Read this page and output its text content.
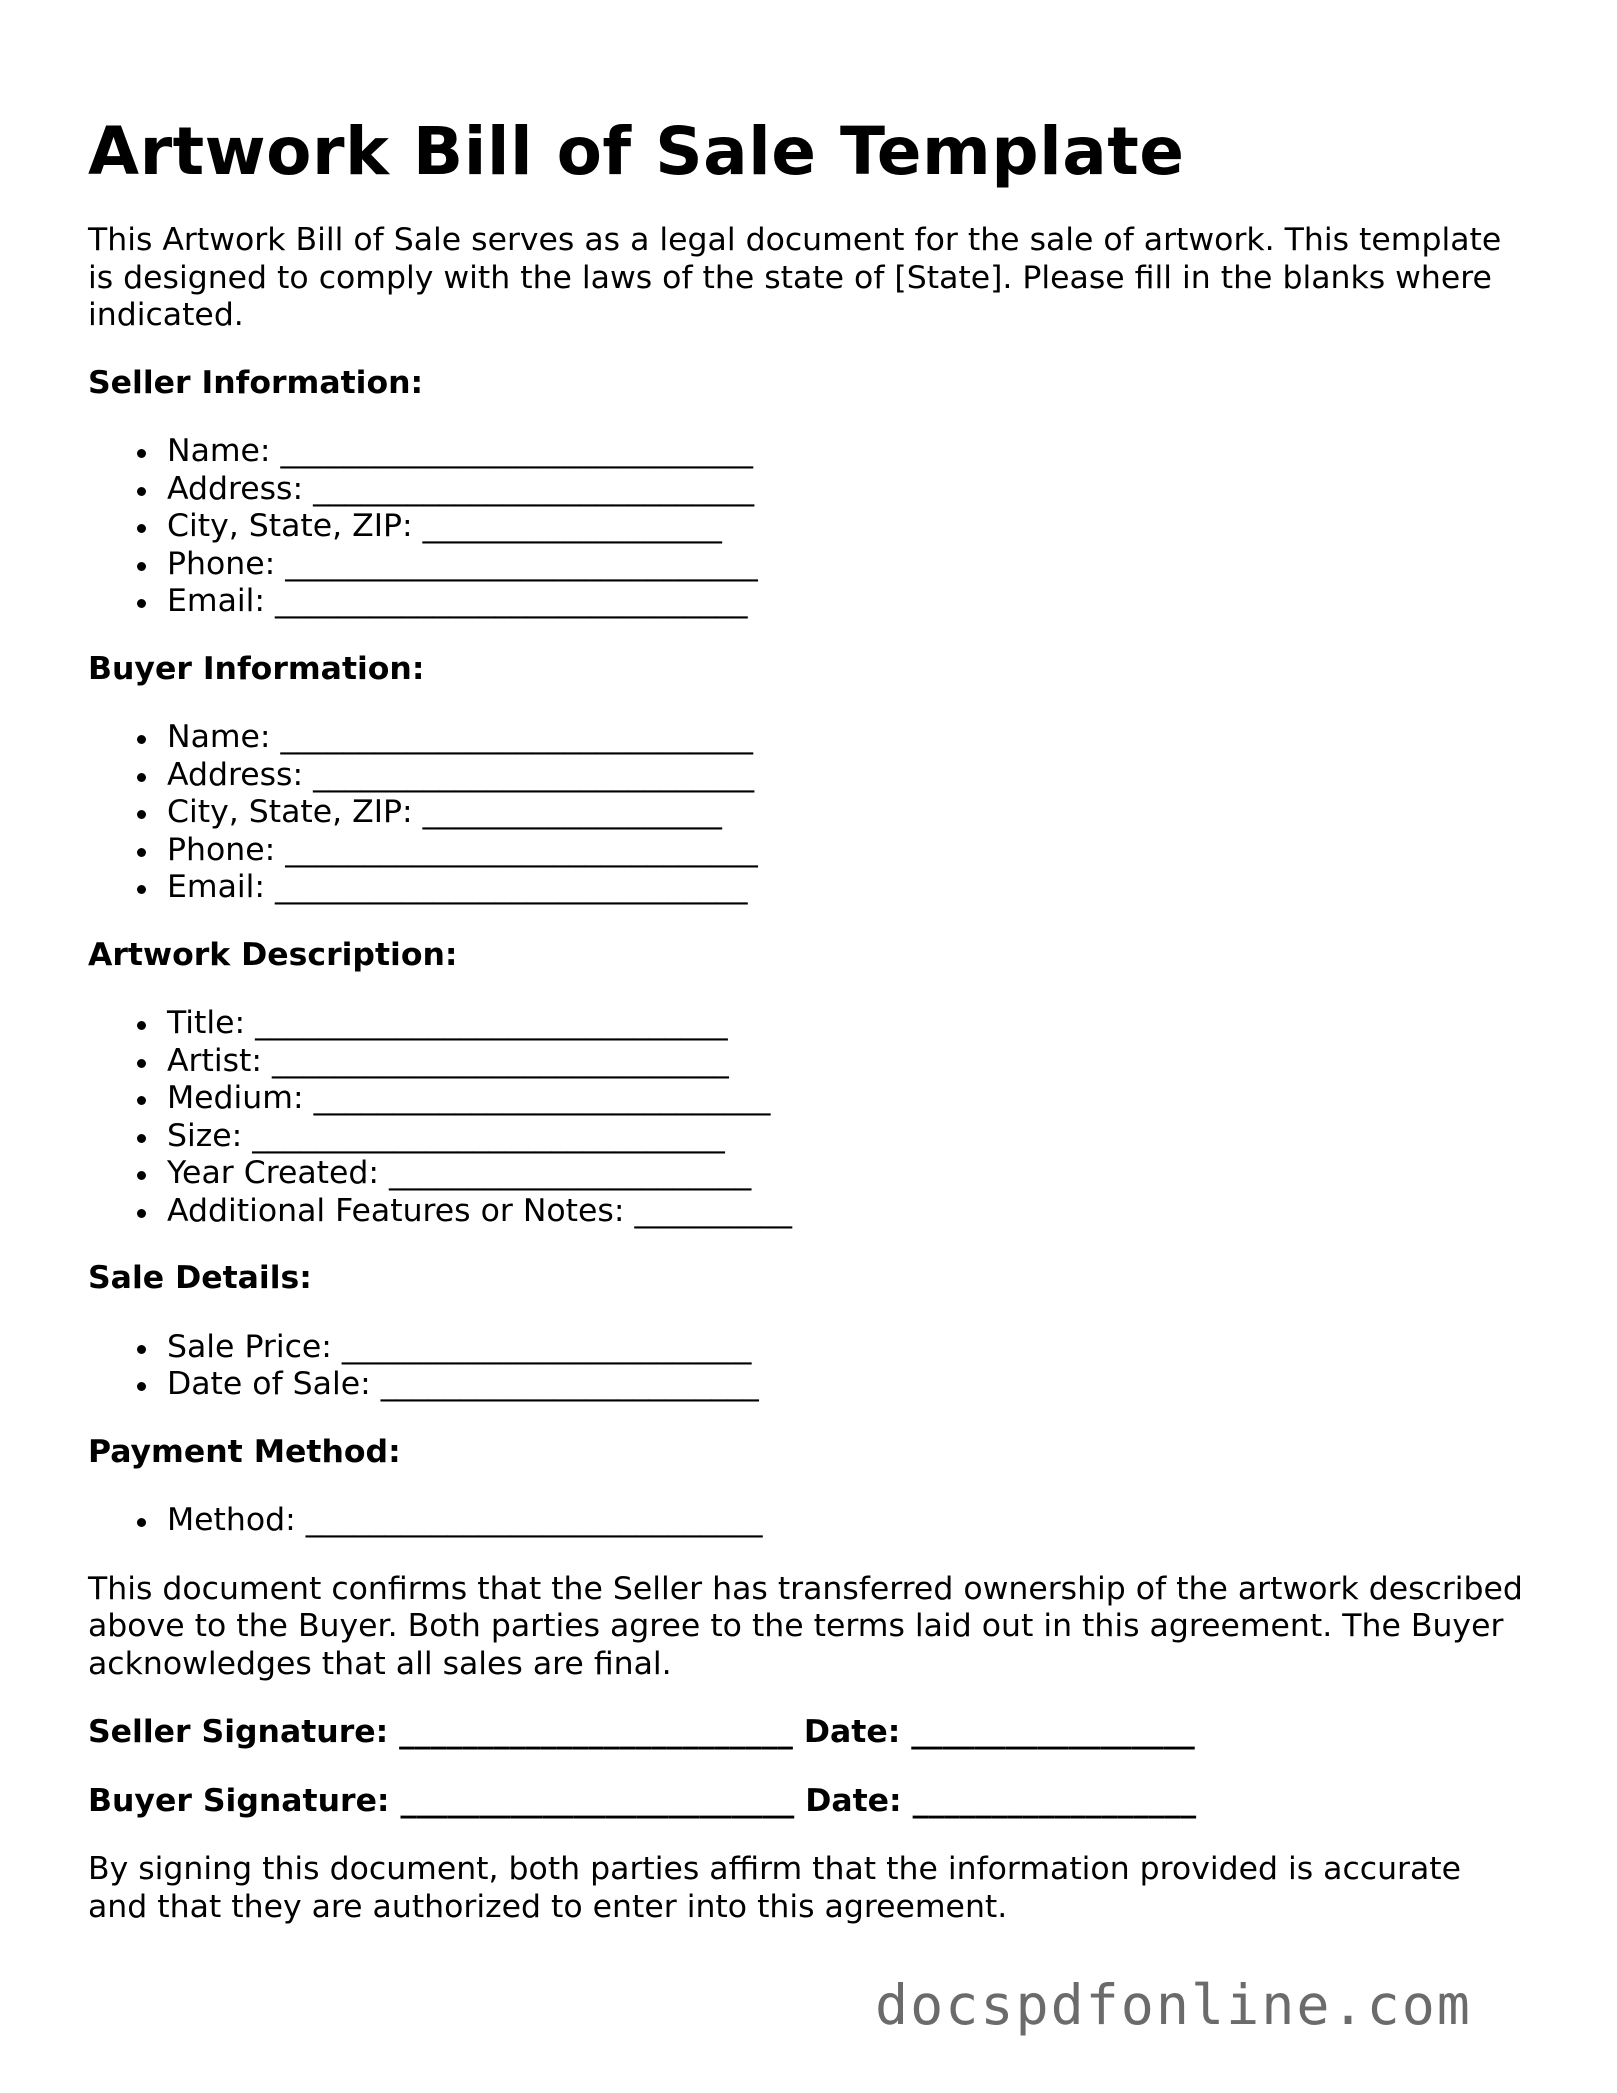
Artwork Bill of Sale Template

This Artwork Bill of Sale serves as a legal document for the sale of artwork. This template is designed to comply with the laws of the state of [State]. Please fill in the blanks where indicated.

Seller Information:
Name: ______________________________
Address: ____________________________
City, State, ZIP: ___________________
Phone: ______________________________
Email: ______________________________
Buyer Information:
Name: ______________________________
Address: ____________________________
City, State, ZIP: ___________________
Phone: ______________________________
Email: ______________________________
Artwork Description:
Title: ______________________________
Artist: _____________________________
Medium: _____________________________
Size: ______________________________
Year Created: _______________________
Additional Features or Notes: __________
Sale Details:
Sale Price: __________________________
Date of Sale: ________________________
Payment Method:
Method: _____________________________

This document confirms that the Seller has transferred ownership of the artwork described above to the Buyer. Both parties agree to the terms laid out in this agreement. The Buyer acknowledges that all sales are final.

Seller Signature: _________________________ Date: __________________

Buyer Signature: _________________________ Date: __________________

By signing this document, both parties affirm that the information provided is accurate and that they are authorized to enter into this agreement.

docspdfonline.com
